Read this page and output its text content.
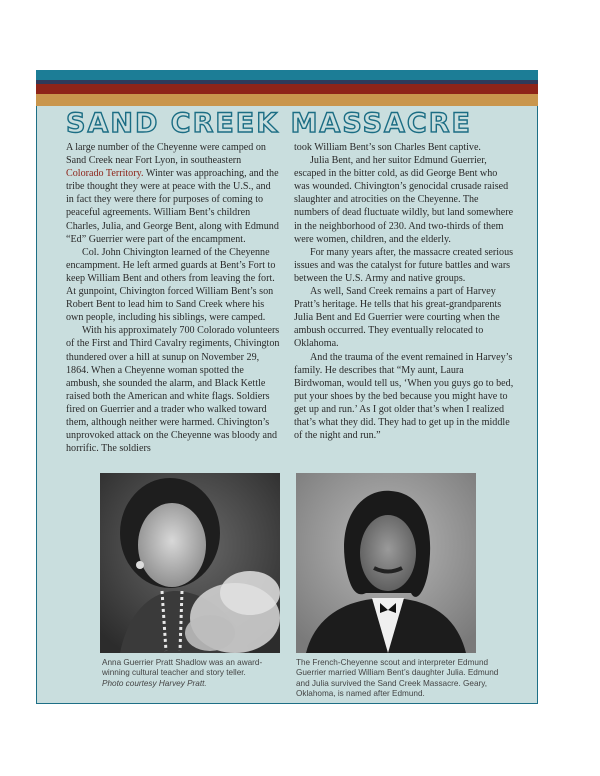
SAND CREEK MASSACRE

A large number of the Cheyenne were camped on Sand Creek near Fort Lyon, in southeastern Colorado Territory. Winter was approaching, and the tribe thought they were at peace with the U.S., and in fact they were there for purposes of coming to peaceful agreements. William Bent’s children Charles, Julia, and George Bent, along with Edmund “Ed” Guerrier were part of the encampment.

Col. John Chivington learned of the Cheyenne encampment. He left armed guards at Bent’s Fort to keep William Bent and others from leaving the fort. At gunpoint, Chivington forced William Bent’s son Robert Bent to lead him to Sand Creek where his own people, including his siblings, were camped.

With his approximately 700 Colorado volunteers of the First and Third Cavalry regiments, Chivington thundered over a hill at sunup on November 29, 1864. When a Cheyenne woman spotted the ambush, she sounded the alarm, and Black Kettle raised both the American and white flags. Soldiers fired on Guerrier and a trader who walked toward them, although neither were harmed. Chivington’s unprovoked attack on the Cheyenne was bloody and horrific. The soldiers

took William Bent’s son Charles Bent captive.

Julia Bent, and her suitor Edmund Guerrier, escaped in the bitter cold, as did George Bent who was wounded. Chivington’s genocidal crusade raised slaughter and atrocities on the Cheyenne. The numbers of dead fluctuate wildly, but land somewhere in the neighborhood of 230. And two-thirds of them were women, children, and the elderly.

For many years after, the massacre created serious issues and was the catalyst for future battles and wars between the U.S. Army and native groups.

As well, Sand Creek remains a part of Harvey Pratt’s heritage. He tells that his great-grandparents Julia Bent and Ed Guerrier were courting when the ambush occurred. They eventually relocated to Oklahoma.

And the trauma of the event remained in Harvey’s family. He describes that “My aunt, Laura Birdwoman, would tell us, ‘When you guys go to bed, put your shoes by the bed because you might have to get up and run.’ As I got older that’s when I realized that’s what they did. They had to get up in the middle of the night and run.”

Anna Guerrier Pratt Shadlow was an award-winning cultural teacher and story teller.
Photo courtesy Harvey Pratt.
The French-Cheyenne scout and interpreter Edmund Guerrier married William Bent’s daughter Julia. Edmund and Julia survived the Sand Creek Massacre. Geary, Oklahoma, is named after Edmund.
